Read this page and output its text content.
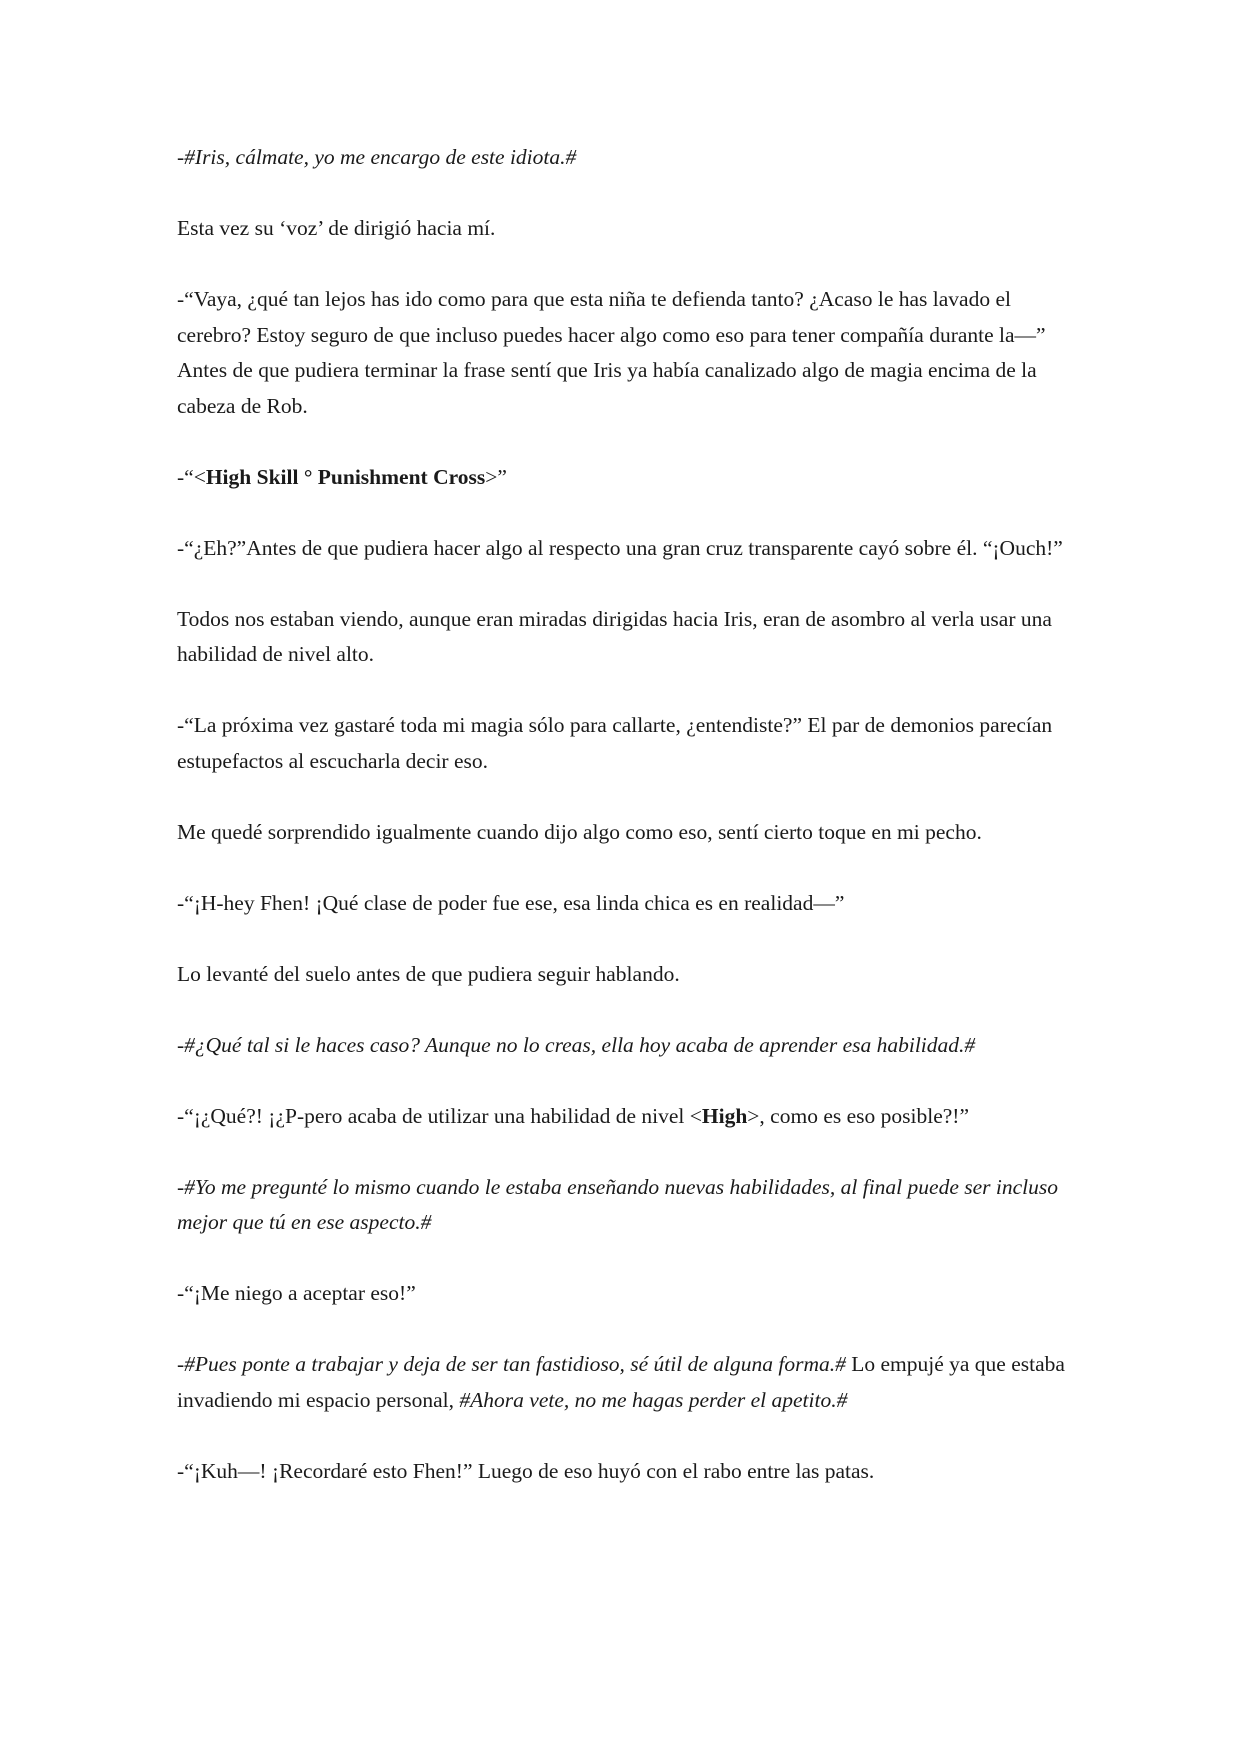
-#Iris, cálmate, yo me encargo de este idiota.#

Esta vez su ‘voz’ de dirigió hacia mí.

-“Vaya, ¿qué tan lejos has ido como para que esta niña te defienda tanto? ¿Acaso le has lavado el cerebro? Estoy seguro de que incluso puedes hacer algo como eso para tener compañía durante la—” Antes de que pudiera terminar la frase sentí que Iris ya había canalizado algo de magia encima de la cabeza de Rob.

-“<High Skill ° Punishment Cross>”

-“¿Eh?”Antes de que pudiera hacer algo al respecto una gran cruz transparente cayó sobre él. “¡Ouch!”

Todos nos estaban viendo, aunque eran miradas dirigidas hacia Iris, eran de asombro al verla usar una habilidad de nivel alto.

-“La próxima vez gastaré toda mi magia sólo para callarte, ¿entendiste?” El par de demonios parecían estupefactos al escucharla decir eso.

Me quedé sorprendido igualmente cuando dijo algo como eso, sentí cierto toque en mi pecho.

-“¡H-hey Fhen! ¡Qué clase de poder fue ese, esa linda chica es en realidad—”

Lo levanté del suelo antes de que pudiera seguir hablando.

-#¿Qué tal si le haces caso? Aunque no lo creas, ella hoy acaba de aprender esa habilidad.#

-“¡¿Qué?! ¡¿P-pero acaba de utilizar una habilidad de nivel <High>, como es eso posible?!”

-#Yo me pregunté lo mismo cuando le estaba enseñando nuevas habilidades, al final puede ser incluso mejor que tú en ese aspecto.#

-“¡Me niego a aceptar eso!”

-#Pues ponte a trabajar y deja de ser tan fastidioso, sé útil de alguna forma.# Lo empujé ya que estaba invadiendo mi espacio personal, #Ahora vete, no me hagas perder el apetito.#

-“¡Kuh—! ¡Recordaré esto Fhen!” Luego de eso huyó con el rabo entre las patas.
